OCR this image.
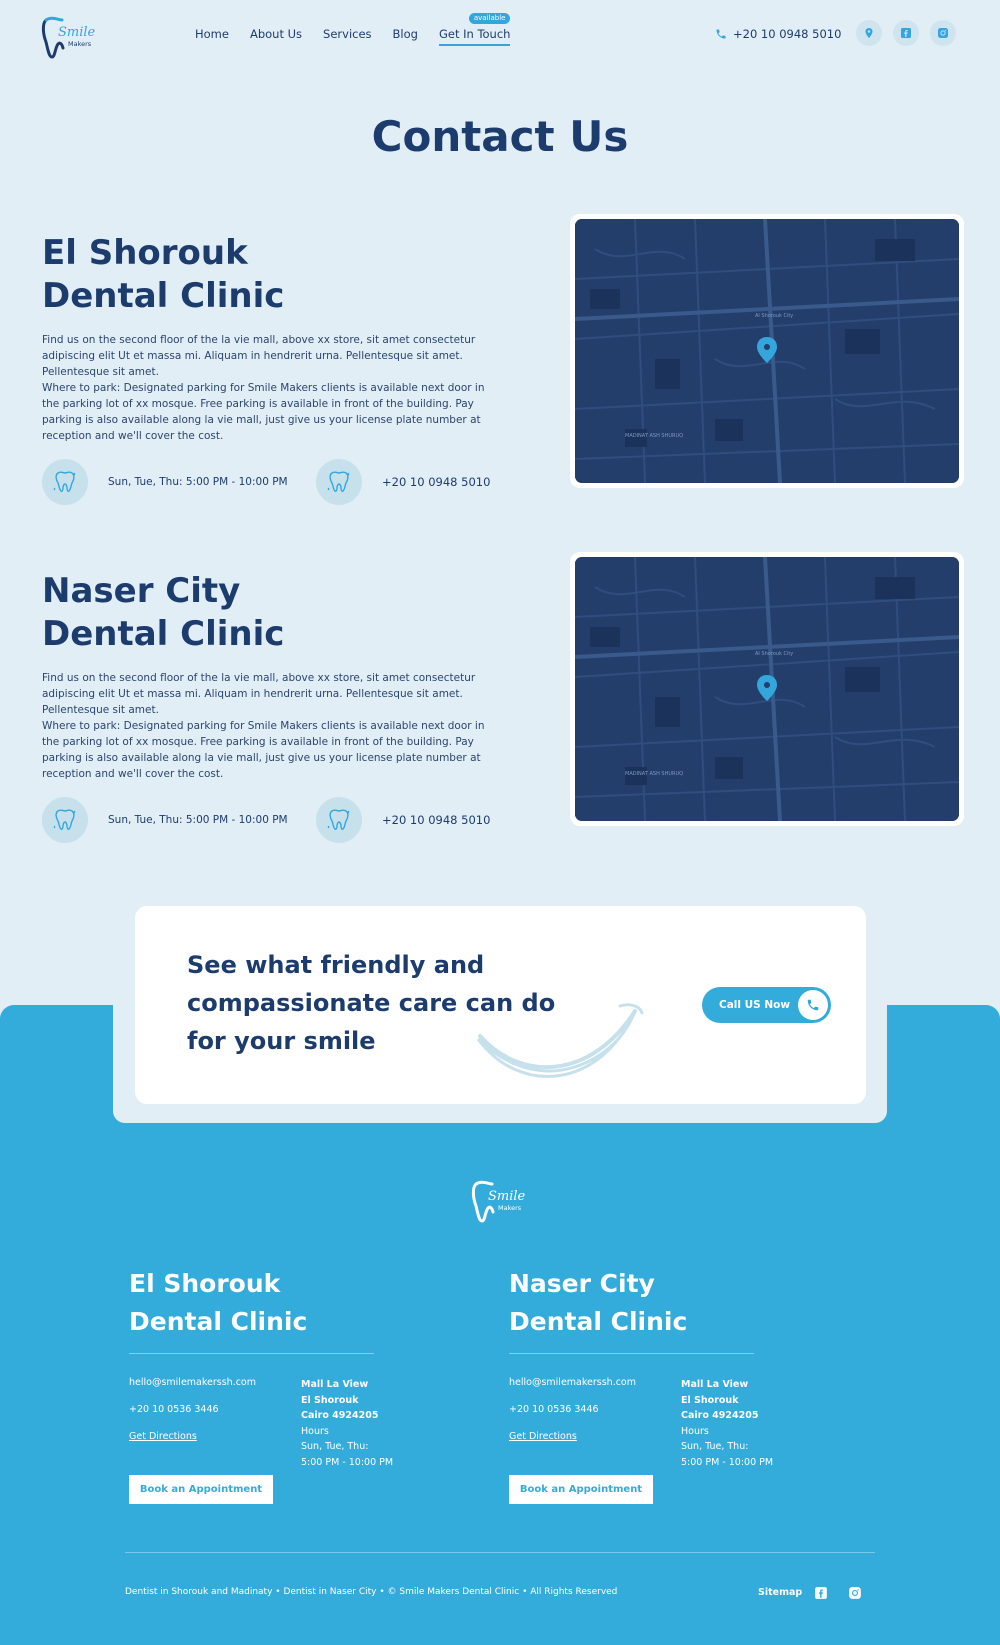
Smile
Makers
Home About Us Services Blog Get In Touch
available
+20 10 0948 5010
Contact Us
El Shorouk
Dental Clinic

Find us on the second floor of the la vie mall, above xx store, sit amet consectetur adipiscing elit Ut et massa mi. Aliquam in hendrerit urna. Pellentesque sit amet. Pellentesque sit amet.
Where to park: Designated parking for Smile Makers clients is available next door in the parking lot of xx mosque. Free parking is available in front of the building. Pay parking is also available along la vie mall, just give us your license plate number at reception and we'll cover the cost.

Sun, Tue, Thu: 5:00 PM - 10:00 PM	+20 10 0948 5010
Al Shorouk City
MADINAT ASH SHURUQ
Naser City
Dental Clinic

Find us on the second floor of the la vie mall, above xx store, sit amet consectetur adipiscing elit Ut et massa mi. Aliquam in hendrerit urna. Pellentesque sit amet. Pellentesque sit amet.
Where to park: Designated parking for Smile Makers clients is available next door in the parking lot of xx mosque. Free parking is available in front of the building. Pay parking is also available along la vie mall, just give us your license plate number at reception and we'll cover the cost.

Sun, Tue, Thu: 5:00 PM - 10:00 PM	+20 10 0948 5010
Al Shorouk City
MADINAT ASH SHURUQ
See what friendly and compassionate care can do for your smile
Call US Now
Smile
Makers
El Shorouk
Dental Clinic
hello@smilemakerssh.com
+20 10 0536 3446
Get Directions
Mall La View
El Shorouk
Cairo 4924205
Hours
Sun, Tue, Thu:
5:00 PM - 10:00 PM
Book an Appointment
Naser City
Dental Clinic
hello@smilemakerssh.com
+20 10 0536 3446
Get Directions
Mall La View
El Shorouk
Cairo 4924205
Hours
Sun, Tue, Thu:
5:00 PM - 10:00 PM
Book an Appointment
Dentist in Shorouk and Madinaty • Dentist in Naser City • © Smile Makers Dental Clinic • All Rights Reserved	Sitemap
